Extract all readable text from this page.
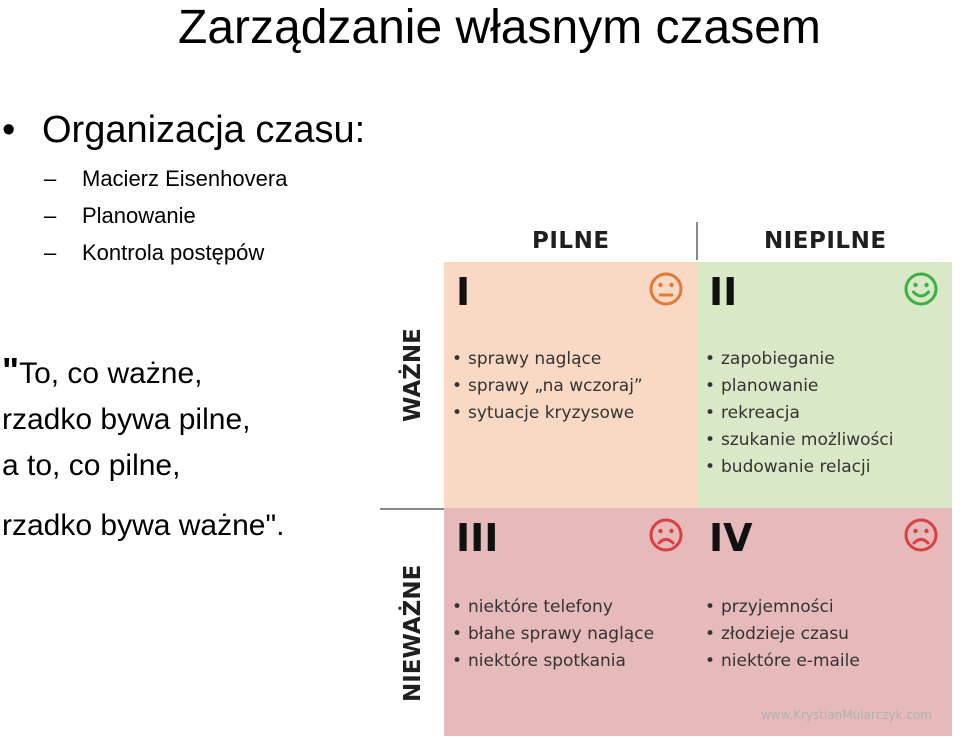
Zarządzanie własnym czasem
• Organizacja czasu:
– Macierz Eisenhovera
– Planowanie
– Kontrola postępów
"To, co ważne,
rzadko bywa pilne,
a to, co pilne,
rzadko bywa ważne".
PILNE	NIEPILNE
WAŻNE
NIEWAŻNE
I
• sprawy naglące
• sprawy „na wczoraj”
• sytuacje kryzysowe
II
• zapobieganie
• planowanie
• rekreacja
• szukanie możliwości
• budowanie relacji
III
• niektóre telefony
• błahe sprawy naglące
• niektóre spotkania
IV
• przyjemności
• złodzieje czasu
• niektóre e-maile
www.KrystianMularczyk.com
